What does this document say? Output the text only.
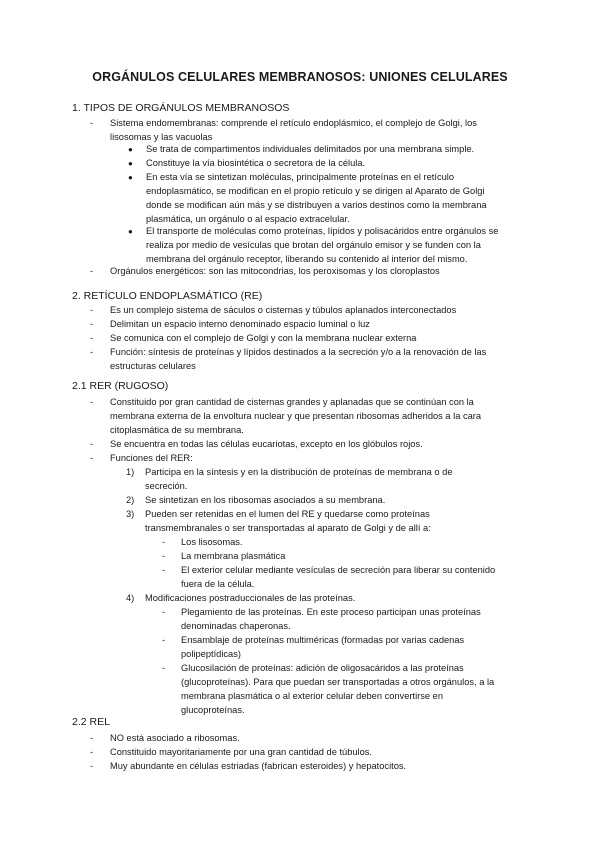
ORGÁNULOS CELULARES MEMBRANOSOS: UNIONES CELULARES
1. TIPOS DE ORGÁNULOS MEMBRANOSOS
- Sistema endomembranas: comprende el retículo endoplásmico, el complejo de Golgi, los
lisosomas y las vacuolas
● Se trata de compartimentos individuales delimitados por una membrana simple.
● Constituye la vía biosintética o secretora de la célula.
● En esta vía se sintetizan moléculas, principalmente proteínas en el retículo
endoplasmático, se modifican en el propio retículo y se dirigen al Aparato de Golgi
donde se modifican aún más y se distribuyen a varios destinos como la membrana
plasmática, un orgánulo o al espacio extracelular.
● El transporte de moléculas como proteínas, lípidos y polisacáridos entre orgánulos se
realiza por medio de vesículas que brotan del orgánulo emisor y se funden con la
membrana del orgánulo receptor, liberando su contenido al interior del mismo.
- Orgánulos energéticos: son las mitocondrias, los peroxisomas y los cloroplastos
2. RETÍCULO ENDOPLASMÁTICO (RE)
- Es un complejo sistema de sáculos o cisternas y túbulos aplanados interconectados
- Delimitan un espacio interno denominado espacio luminal o luz
- Se comunica con el complejo de Golgi y con la membrana nuclear externa
- Función: síntesis de proteínas y lípidos destinados a la secreción y/o a la renovación de las
estructuras celulares
2.1 RER (RUGOSO)
- Constituido por gran cantidad de cisternas grandes y aplanadas que se continúan con la
membrana externa de la envoltura nuclear y que presentan ribosomas adheridos a la cara
citoplasmática de su membrana.
- Se encuentra en todas las células eucariotas, excepto en los glóbulos rojos.
- Funciones del RER:
1) Participa en la síntesis y en la distribución de proteínas de membrana o de
secreción.
2) Se sintetizan en los ribosomas asociados a su membrana.
3) Pueden ser retenidas en el lumen del RE y quedarse como proteínas
transmembranales o ser transportadas al aparato de Golgi y de allí a:
- Los lisosomas.
- La membrana plasmática
- El exterior celular mediante vesículas de secreción para liberar su contenido
fuera de la célula.
4) Modificaciones postraduccionales de las proteínas.
- Plegamiento de las proteínas. En este proceso participan unas proteínas
denominadas chaperonas.
- Ensamblaje de proteínas multiméricas (formadas por varias cadenas
polipeptídicas)
- Glucosilación de proteínas: adición de oligosacáridos a las proteínas
(glucoproteínas). Para que puedan ser transportadas a otros orgánulos, a la
membrana plasmática o al exterior celular deben convertirse en
glucoproteínas.
2.2 REL
- NO está asociado a ribosomas.
- Constituido mayoritariamente por una gran cantidad de túbulos.
- Muy abundante en células estriadas (fabrican esteroides) y hepatocitos.
